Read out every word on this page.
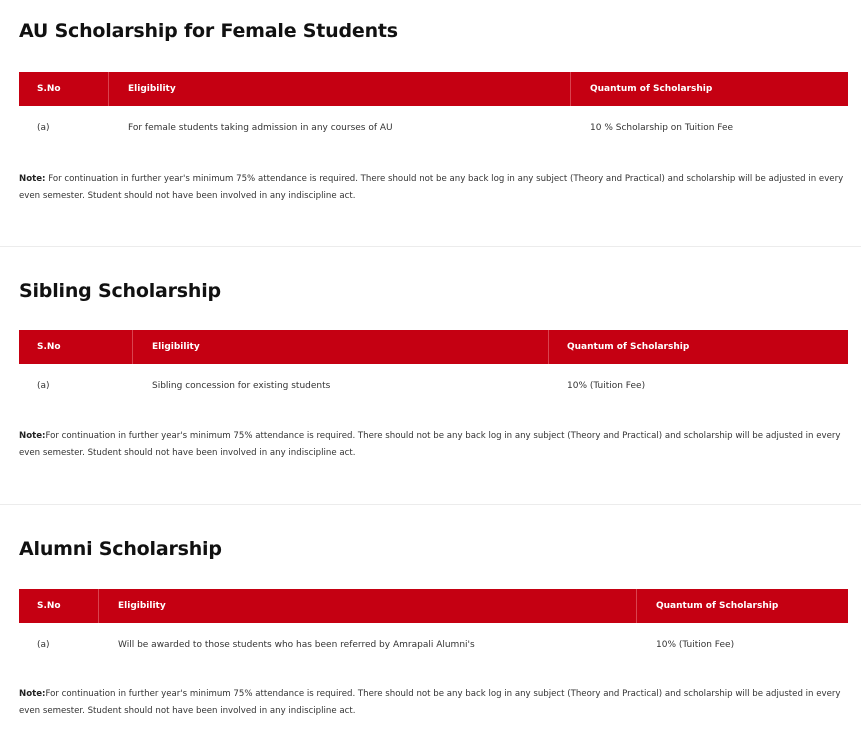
AU Scholarship for Female Students
S.No	Eligibility	Quantum of Scholarship
(a)	For female students taking admission in any courses of AU	10 % Scholarship on Tuition Fee
Note: For continuation in further year's minimum 75% attendance is required. There should not be any back log in any subject (Theory and Practical) and scholarship will be adjusted in every even semester. Student should not have been involved in any indiscipline act.
Sibling Scholarship
S.No	Eligibility	Quantum of Scholarship
(a)	Sibling concession for existing students	10% (Tuition Fee)
Note:For continuation in further year's minimum 75% attendance is required. There should not be any back log in any subject (Theory and Practical) and scholarship will be adjusted in every even semester. Student should not have been involved in any indiscipline act.
Alumni Scholarship
S.No	Eligibility	Quantum of Scholarship
(a)	Will be awarded to those students who has been referred by Amrapali Alumni's	10% (Tuition Fee)
Note:For continuation in further year's minimum 75% attendance is required. There should not be any back log in any subject (Theory and Practical) and scholarship will be adjusted in every even semester. Student should not have been involved in any indiscipline act.
